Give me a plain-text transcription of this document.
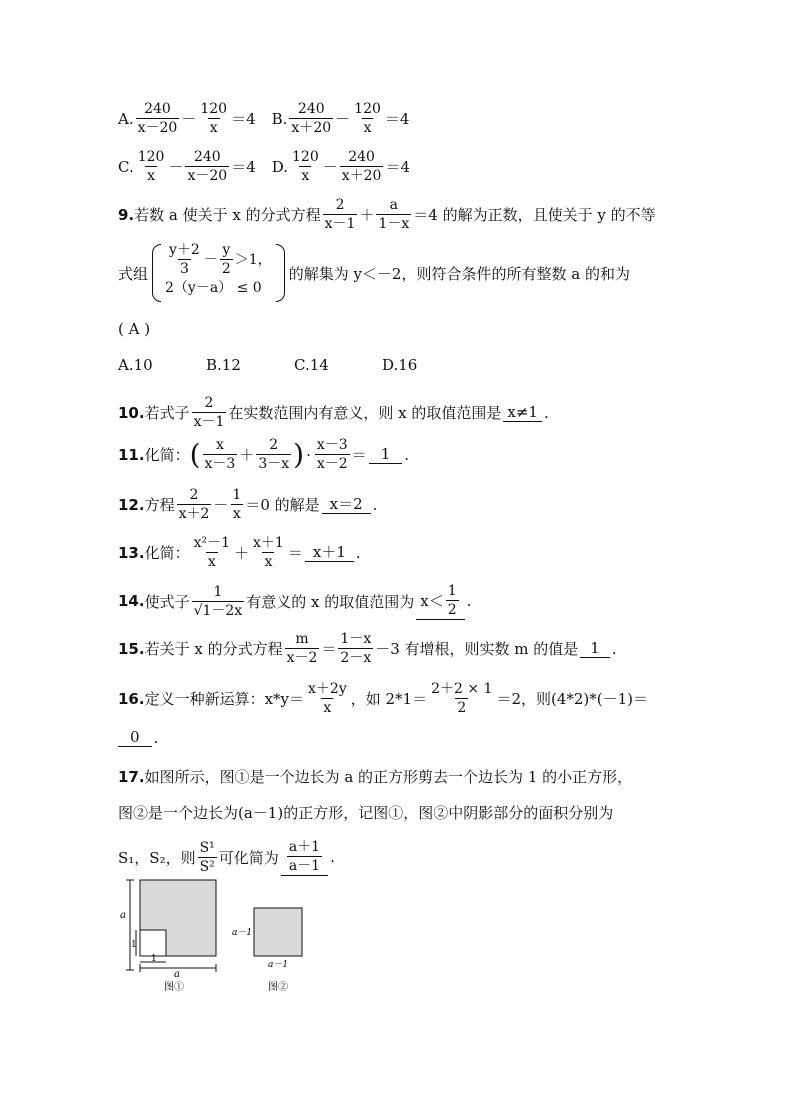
A. $\frac{240}{x-20} - \frac{120}{x} =4$ B. $\frac{240}{x+20} - \frac{120}{x} =4$
C. $\frac{120}{x} - \frac{240}{x-20} =4$ D. $\frac{120}{x} - \frac{240}{x+20} =4$
9. 若数 a 使关于 x 的分式方程 $\frac{2}{x-1} + \frac{a}{1-x} =4$ 的解为正数，且使关于 y 的不等
式组 $\frac{y+2}{3} - \frac{y}{2} >1$，
2（y－a） ≤ 0
的解集为 y＜－2，则符合条件的所有整数 a 的和为
( A )
A.10	B.12	C.14	D.16
10. 若式子 $\frac{2}{x-1}$ 在实数范围内有意义，则 x 的取值范围是 x≠1 .
11. 化简： ( $\frac{x}{x-3} + \frac{2}{3-x}$ ) · $\frac{x-3}{x-2} = 1$ .
12. 方程 $\frac{2}{x+2} - \frac{1}{x} =0$ 的解是 x＝2 .
13. 化简： $\frac{\text{x²－1}}{x} + \frac{x+1}{x} = x+1$ .
14. 使式子 $\frac{1}{√1-2x}$ 有意义的 x 的取值范围为 $x< \frac{1}{2}$ .
15. 若关于 x 的分式方程 $\frac{m}{x-2} = \frac{1-x}{2-x} -3$ 有增根，则实数 m 的值是 1 .
16. 定义一种新运算：$x*y= \frac{x+2y}{x}$ ，如 $2*1= \frac{2+2 \times 1}{2} =2$，则(4*2)*(－1)＝
0 .
17. 如图所示，图①是一个边长为 a 的正方形剪去一个边长为 1 的小正方形，
图②是一个边长为(a－1)的正方形，记图①，图②中阴影部分的面积分别为
S₁，S₂，则 $\frac{\text{S¹}}{\text{S²}}$ 可化简为 $\frac{a+1}{a-1}$ .
a
1
1
a
图①
a－1
a－1
图②
